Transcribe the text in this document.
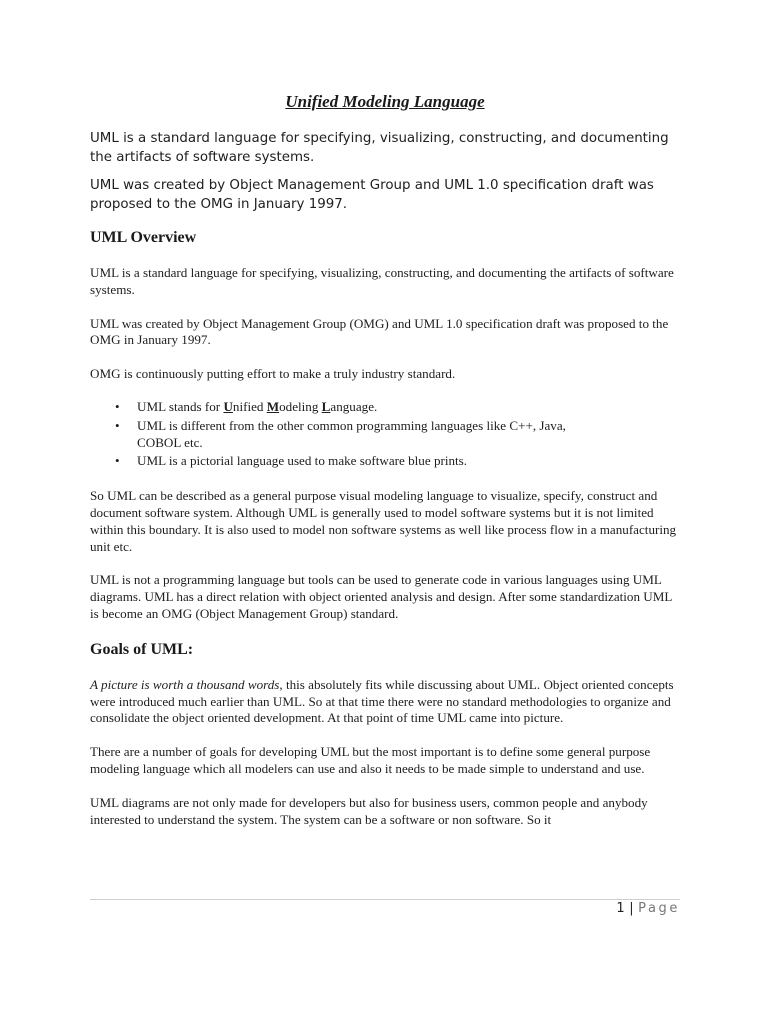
Unified Modeling Language

UML is a standard language for specifying, visualizing, constructing, and documenting the artifacts of software systems.

UML was created by Object Management Group and UML 1.0 specification draft was proposed to the OMG in January 1997.

UML Overview

UML is a standard language for specifying, visualizing, constructing, and documenting the artifacts of software systems.

UML was created by Object Management Group (OMG) and UML 1.0 specification draft was proposed to the OMG in January 1997.

OMG is continuously putting effort to make a truly industry standard.

• UML stands for Unified Modeling Language.
• UML is different from the other common programming languages like C++, Java, COBOL etc.
• UML is a pictorial language used to make software blue prints.

So UML can be described as a general purpose visual modeling language to visualize, specify, construct and document software system. Although UML is generally used to model software systems but it is not limited within this boundary. It is also used to model non software systems as well like process flow in a manufacturing unit etc.

UML is not a programming language but tools can be used to generate code in various languages using UML diagrams. UML has a direct relation with object oriented analysis and design. After some standardization UML is become an OMG (Object Management Group) standard.

Goals of UML:

A picture is worth a thousand words, this absolutely fits while discussing about UML. Object oriented concepts were introduced much earlier than UML. So at that time there were no standard methodologies to organize and consolidate the object oriented development. At that point of time UML came into picture.

There are a number of goals for developing UML but the most important is to define some general purpose modeling language which all modelers can use and also it needs to be made simple to understand and use.

UML diagrams are not only made for developers but also for business users, common people and anybody interested to understand the system. The system can be a software or non software. So it

1 | Page
